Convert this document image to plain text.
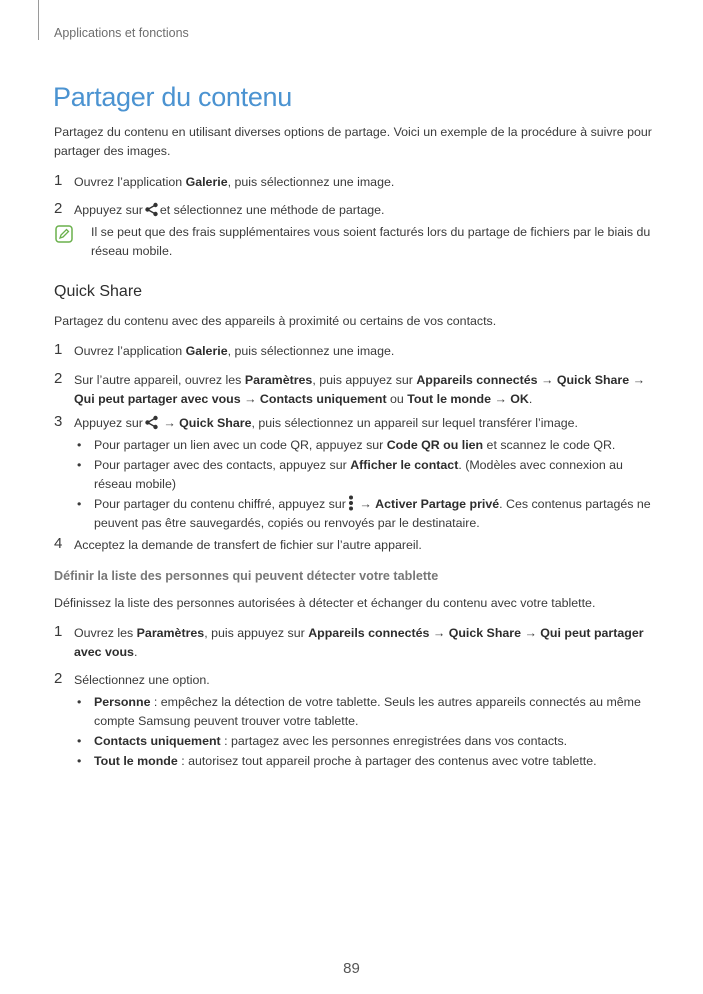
Applications et fonctions
Partager du contenu

Partagez du contenu en utilisant diverses options de partage. Voici un exemple de la procédure à suivre pour partager des images.

1 Ouvrez l’application Galerie, puis sélectionnez une image.
2 Appuyez sur et sélectionnez une méthode de partage.
Il se peut que des frais supplémentaires vous soient facturés lors du partage de fichiers par le biais du réseau mobile.
Quick Share

Partagez du contenu avec des appareils à proximité ou certains de vos contacts.

1 Ouvrez l’application Galerie, puis sélectionnez une image.
2 Sur l’autre appareil, ouvrez les Paramètres, puis appuyez sur Appareils connectés → Quick Share → Qui peut partager avec vous → Contacts uniquement ou Tout le monde → OK.
3 Appuyez sur → Quick Share, puis sélectionnez un appareil sur lequel transférer l’image.
• Pour partager un lien avec un code QR, appuyez sur Code QR ou lien et scannez le code QR.
• Pour partager avec des contacts, appuyez sur Afficher le contact. (Modèles avec connexion au réseau mobile)
• Pour partager du contenu chiffré, appuyez sur → Activer Partage privé. Ces contenus partagés ne peuvent pas être sauvegardés, copiés ou renvoyés par le destinataire.
4 Acceptez la demande de transfert de fichier sur l’autre appareil.
Définir la liste des personnes qui peuvent détecter votre tablette

Définissez la liste des personnes autorisées à détecter et échanger du contenu avec votre tablette.

1 Ouvrez les Paramètres, puis appuyez sur Appareils connectés → Quick Share → Qui peut partager avec vous.
2 Sélectionnez une option.
• Personne : empêchez la détection de votre tablette. Seuls les autres appareils connectés au même compte Samsung peuvent trouver votre tablette.
• Contacts uniquement : partagez avec les personnes enregistrées dans vos contacts.
• Tout le monde : autorisez tout appareil proche à partager des contenus avec votre tablette.
89
